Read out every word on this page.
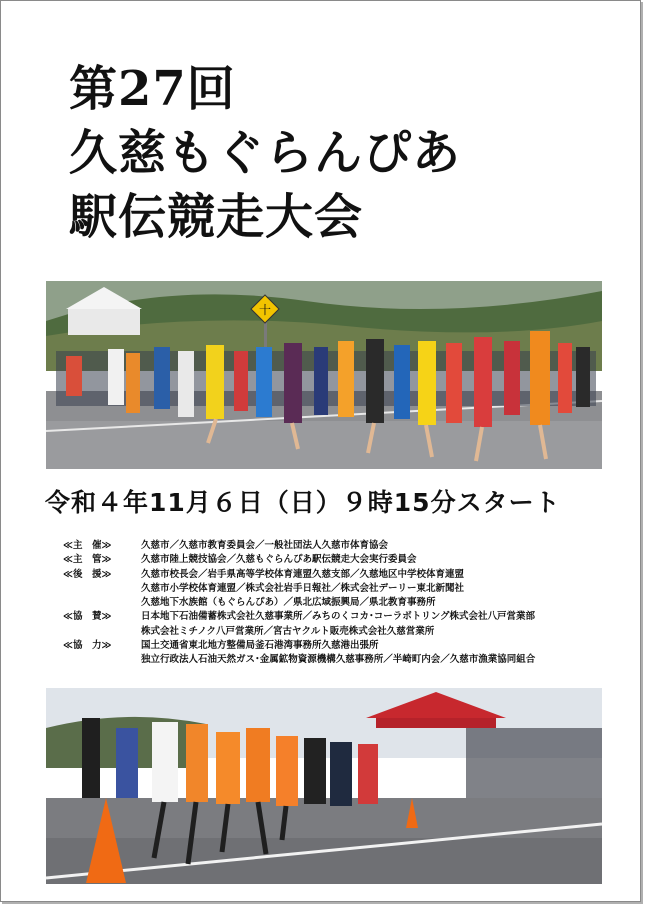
第27回
久慈もぐらんぴあ
駅伝競走大会
十
令和４年11月６日（日）９時15分スタート
≪主　催≫	久慈市／久慈市教育委員会／一般社団法人久慈市体育協会
≪主　管≫	久慈市陸上競技協会／久慈もぐらんぴあ駅伝競走大会実行委員会
≪後　援≫	久慈市校長会／岩手県高等学校体育連盟久慈支部／久慈地区中学校体育連盟
久慈市小学校体育連盟／株式会社岩手日報社／株式会社デーリー東北新聞社
久慈地下水族館（もぐらんぴあ）／県北広域振興局／県北教育事務所
≪協　賛≫	日本地下石油備蓄株式会社久慈事業所／みちのくコカ･コーラボトリング株式会社八戸営業部
株式会社ミチノク八戸営業所／宮古ヤクルト販売株式会社久慈営業所
≪協　力≫	国土交通省東北地方整備局釜石港湾事務所久慈港出張所
独立行政法人石油天然ガス･金属鉱物資源機構久慈事務所／半崎町内会／久慈市漁業協同組合
